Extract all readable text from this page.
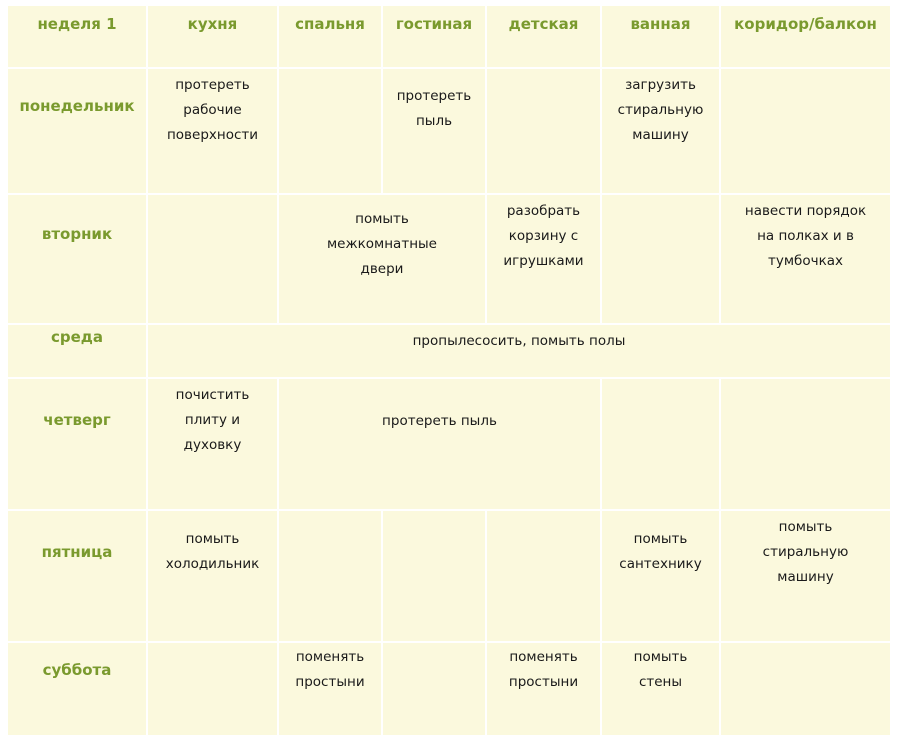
неделя 1	кухня	спальня	гостиная	детская	ванная	коридор/балкон
понедельник	протереть рабочие поверхности		протереть пыль		загрузить стиральную машину	
вторник		помыть межкомнатные двери		разобрать корзину с игрушками		навести порядок на полках и в тумбочках
среда	пропылесосить, помыть полы					
четверг	почистить плиту и духовку	протереть пыль				
пятница	помыть холодильник				помыть сантехнику	помыть стиральную машину
суббота		поменять простыни		поменять простыни	помыть стены	
